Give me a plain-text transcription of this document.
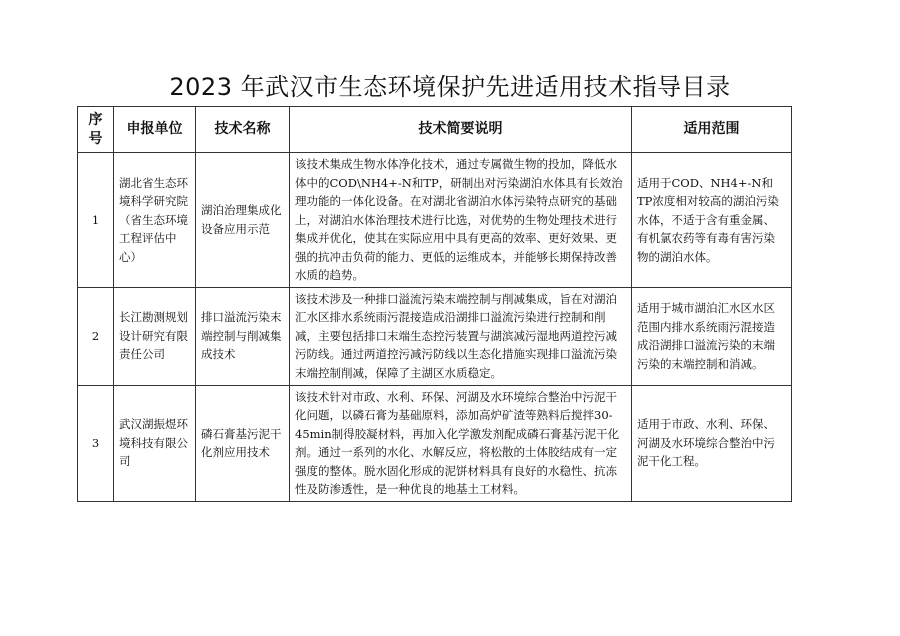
2023 年武汉市生态环境保护先进适用技术指导目录
序号	申报单位	技术名称	技术简要说明	适用范围
1	湖北省生态环境科学研究院（省生态环境工程评估中心）	湖泊治理集成化设备应用示范	该技术集成生物水体净化技术，通过专属微生物的投加，降低水体中的COD\NH4+-N和TP，研制出对污染湖泊水体具有长效治理功能的一体化设备。在对湖北省湖泊水体污染特点研究的基础上，对湖泊水体治理技术进行比选，对优势的生物处理技术进行集成并优化，使其在实际应用中具有更高的效率、更好效果、更强的抗冲击负荷的能力、更低的运维成本，并能够长期保持改善水质的趋势。	适用于COD、NH4+-N和TP浓度相对较高的湖泊污染水体，不适于含有重金属、有机氯农药等有毒有害污染物的湖泊水体。
2	长江勘测规划设计研究有限责任公司	排口溢流污染末端控制与削减集成技术	该技术涉及一种排口溢流污染末端控制与削减集成，旨在对湖泊汇水区排水系统雨污混接造成沿湖排口溢流污染进行控制和削减，主要包括排口末端生态控污装置与湖滨减污湿地两道控污减污防线。通过两道控污减污防线以生态化措施实现排口溢流污染末端控制削减，保障了主湖区水质稳定。	适用于城市湖泊汇水区水区范围内排水系统雨污混接造成沿湖排口溢流污染的末端污染的末端控制和消减。
3	武汉湖振煜环境科技有限公司	磷石膏基污泥干化剂应用技术	该技术针对市政、水利、环保、河湖及水环境综合整治中污泥干化问题，以磷石膏为基础原料，添加高炉矿渣等熟料后搅拌30-45min制得胶凝材料，再加入化学激发剂配成磷石膏基污泥干化剂。通过一系列的水化、水解反应，将松散的土体胶结成有一定强度的整体。脱水固化形成的泥饼材料具有良好的水稳性、抗冻性及防渗透性，是一种优良的地基土工材料。	适用于市政、水利、环保、河湖及水环境综合整治中污泥干化工程。
